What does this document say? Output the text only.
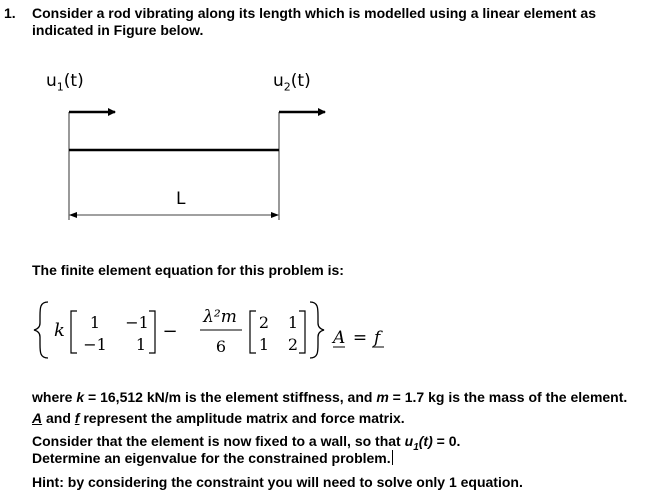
1. Consider a rod vibrating along its length which is modelled using a linear element as
indicated in Figure below.
$u_1(t)$	$u_2(t)$
L
The finite element equation for this problem is:
k 1 −1
−1 1
−
λ²m
6
2 1
1 2 A = f
where k = 16,512 kN/m is the element stiffness, and m = 1.7 kg is the mass of the element.
A and f represent the amplitude matrix and force matrix.
Consider that the element is now fixed to a wall, so that $u_1(t) = 0$.
Determine an eigenvalue for the constrained problem.
Hint: by considering the constraint you will need to solve only 1 equation.
